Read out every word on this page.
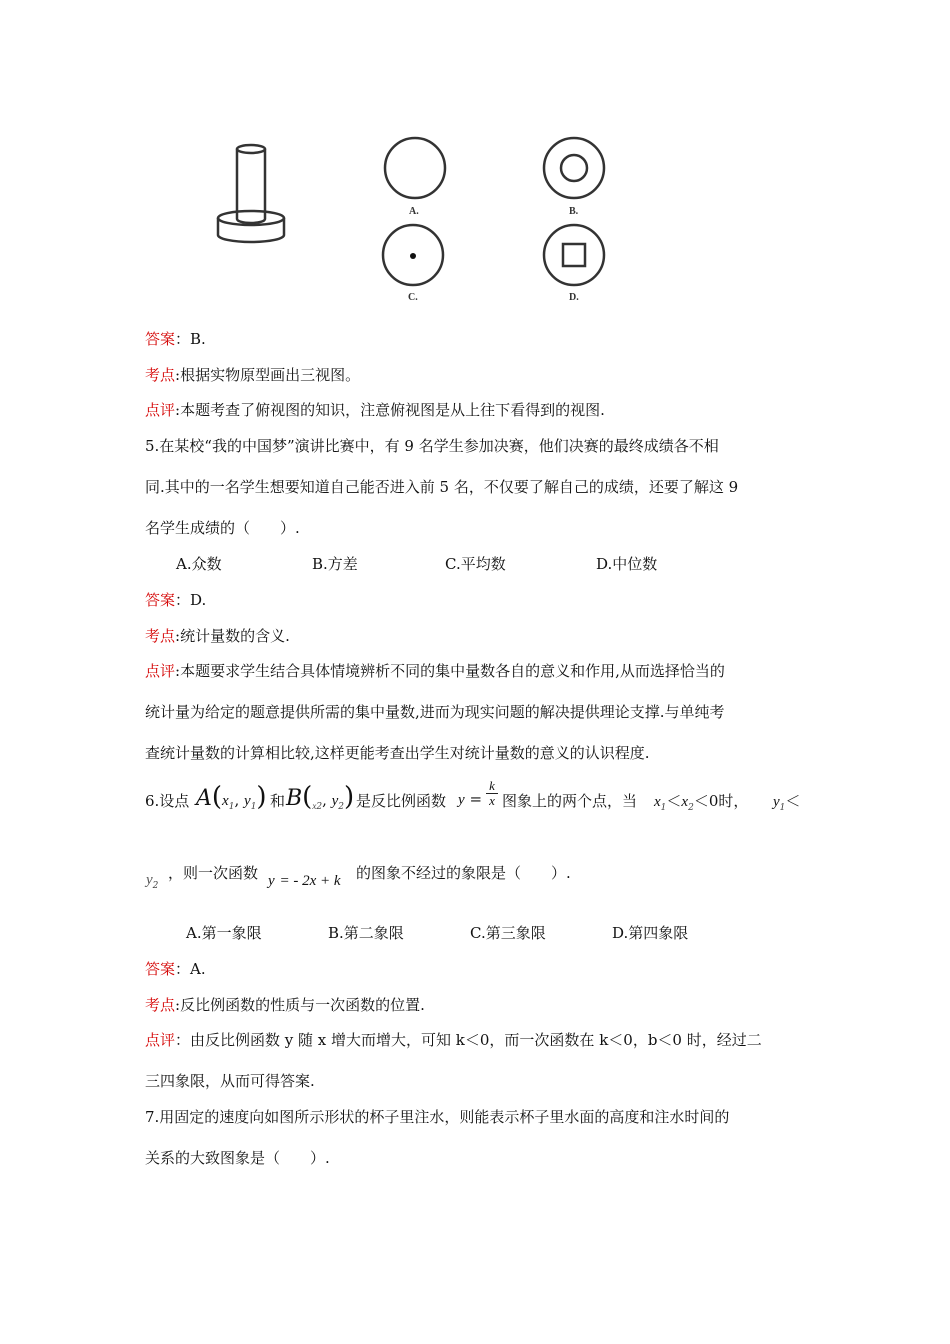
A.	B.
C.	D.
答案：B.
考点:根据实物原型画出三视图。
点评:本题考查了俯视图的知识，注意俯视图是从上往下看得到的视图.
5.在某校“我的中国梦”演讲比赛中，有 9 名学生参加决赛，他们决赛的最终成绩各不相
同.其中的一名学生想要知道自己能否进入前 5 名，不仅要了解自己的成绩，还要了解这 9
名学生成绩的（　　）.
A.众数	B.方差	C.平均数	D.中位数
答案：D.
考点:统计量数的含义.
点评:本题要求学生结合具体情境辨析不同的集中量数各自的意义和作用,从而选择恰当的
统计量为给定的题意提供所需的集中量数,进而为现实问题的解决提供理论支撑.与单纯考
查统计量数的计算相比较,这样更能考查出学生对统计量数的意义的认识程度.
6.设点 $A(x_1$, $y_1$) 和 $B(_{x2}$, $y_2$) 是反比例函数 y =
k
x 图象上的两个点，当 $x_1<x_2<0$时， $y_1<$
$y_2$
，则一次函数 y = - 2x + k 的图象不经过的象限是（　　）.
A.第一象限	B.第二象限	C.第三象限	D.第四象限
答案：A.
考点:反比例函数的性质与一次函数的位置.
点评：由反比例函数 y 随 x 增大而增大，可知 k＜0，而一次函数在 k＜0，b＜0 时，经过二
三四象限，从而可得答案.
7.用固定的速度向如图所示形状的杯子里注水，则能表示杯子里水面的高度和注水时间的
关系的大致图象是（　　）.
